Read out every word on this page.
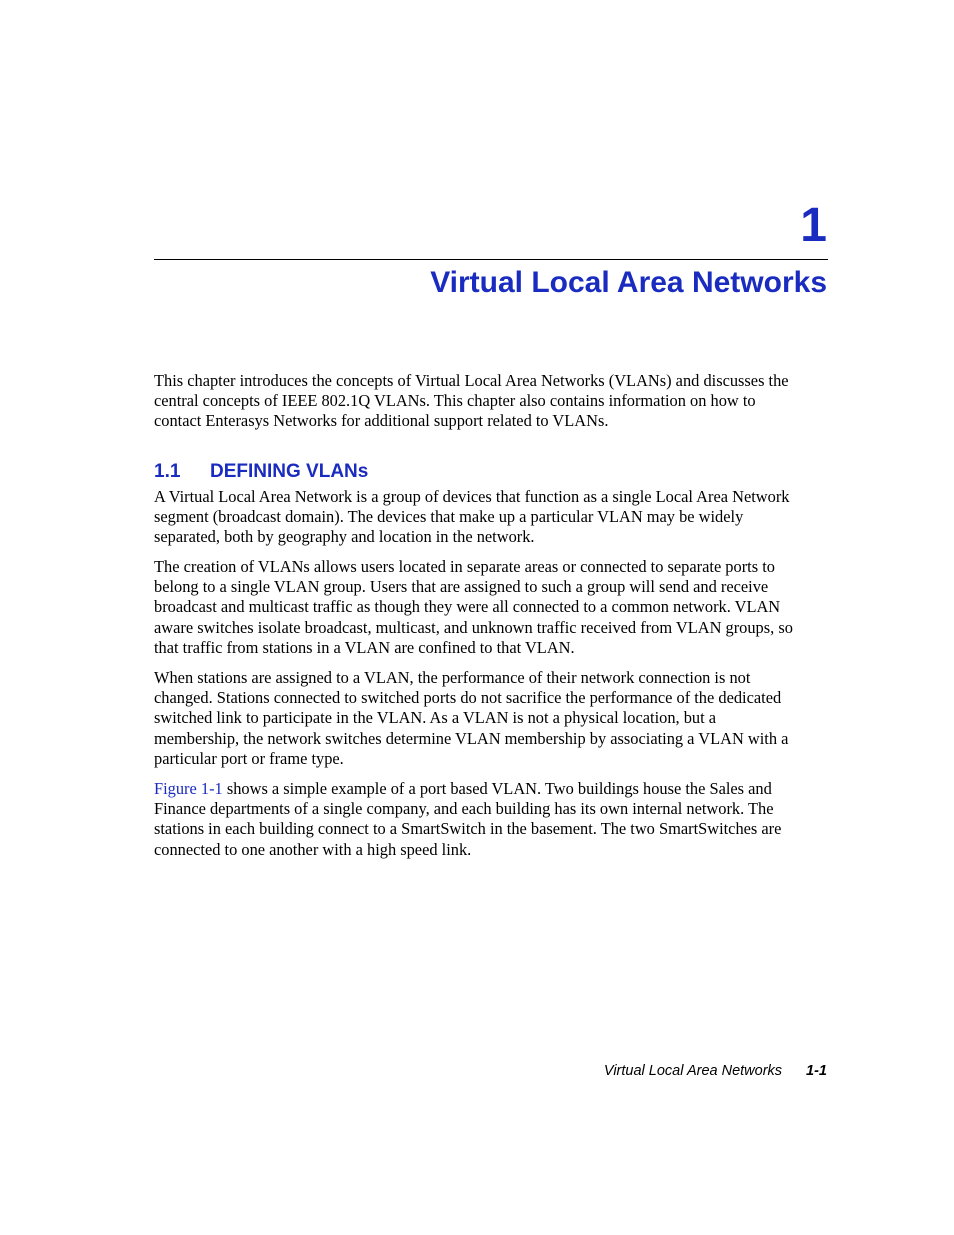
1
Virtual Local Area Networks

This chapter introduces the concepts of Virtual Local Area Networks (VLANs) and discusses the
central concepts of IEEE 802.1Q VLANs. This chapter also contains information on how to
contact Enterasys Networks for additional support related to VLANs.

1.1 DEFINING VLANs

A Virtual Local Area Network is a group of devices that function as a single Local Area Network
segment (broadcast domain). The devices that make up a particular VLAN may be widely
separated, both by geography and location in the network.

The creation of VLANs allows users located in separate areas or connected to separate ports to
belong to a single VLAN group. Users that are assigned to such a group will send and receive
broadcast and multicast traffic as though they were all connected to a common network. VLAN
aware switches isolate broadcast, multicast, and unknown traffic received from VLAN groups, so
that traffic from stations in a VLAN are confined to that VLAN.

When stations are assigned to a VLAN, the performance of their network connection is not
changed. Stations connected to switched ports do not sacrifice the performance of the dedicated
switched link to participate in the VLAN. As a VLAN is not a physical location, but a
membership, the network switches determine VLAN membership by associating a VLAN with a
particular port or frame type.

Figure 1-1 shows a simple example of a port based VLAN. Two buildings house the Sales and
Finance departments of a single company, and each building has its own internal network. The
stations in each building connect to a SmartSwitch in the basement. The two SmartSwitches are
connected to one another with a high speed link.

Virtual Local Area Networks 1-1
